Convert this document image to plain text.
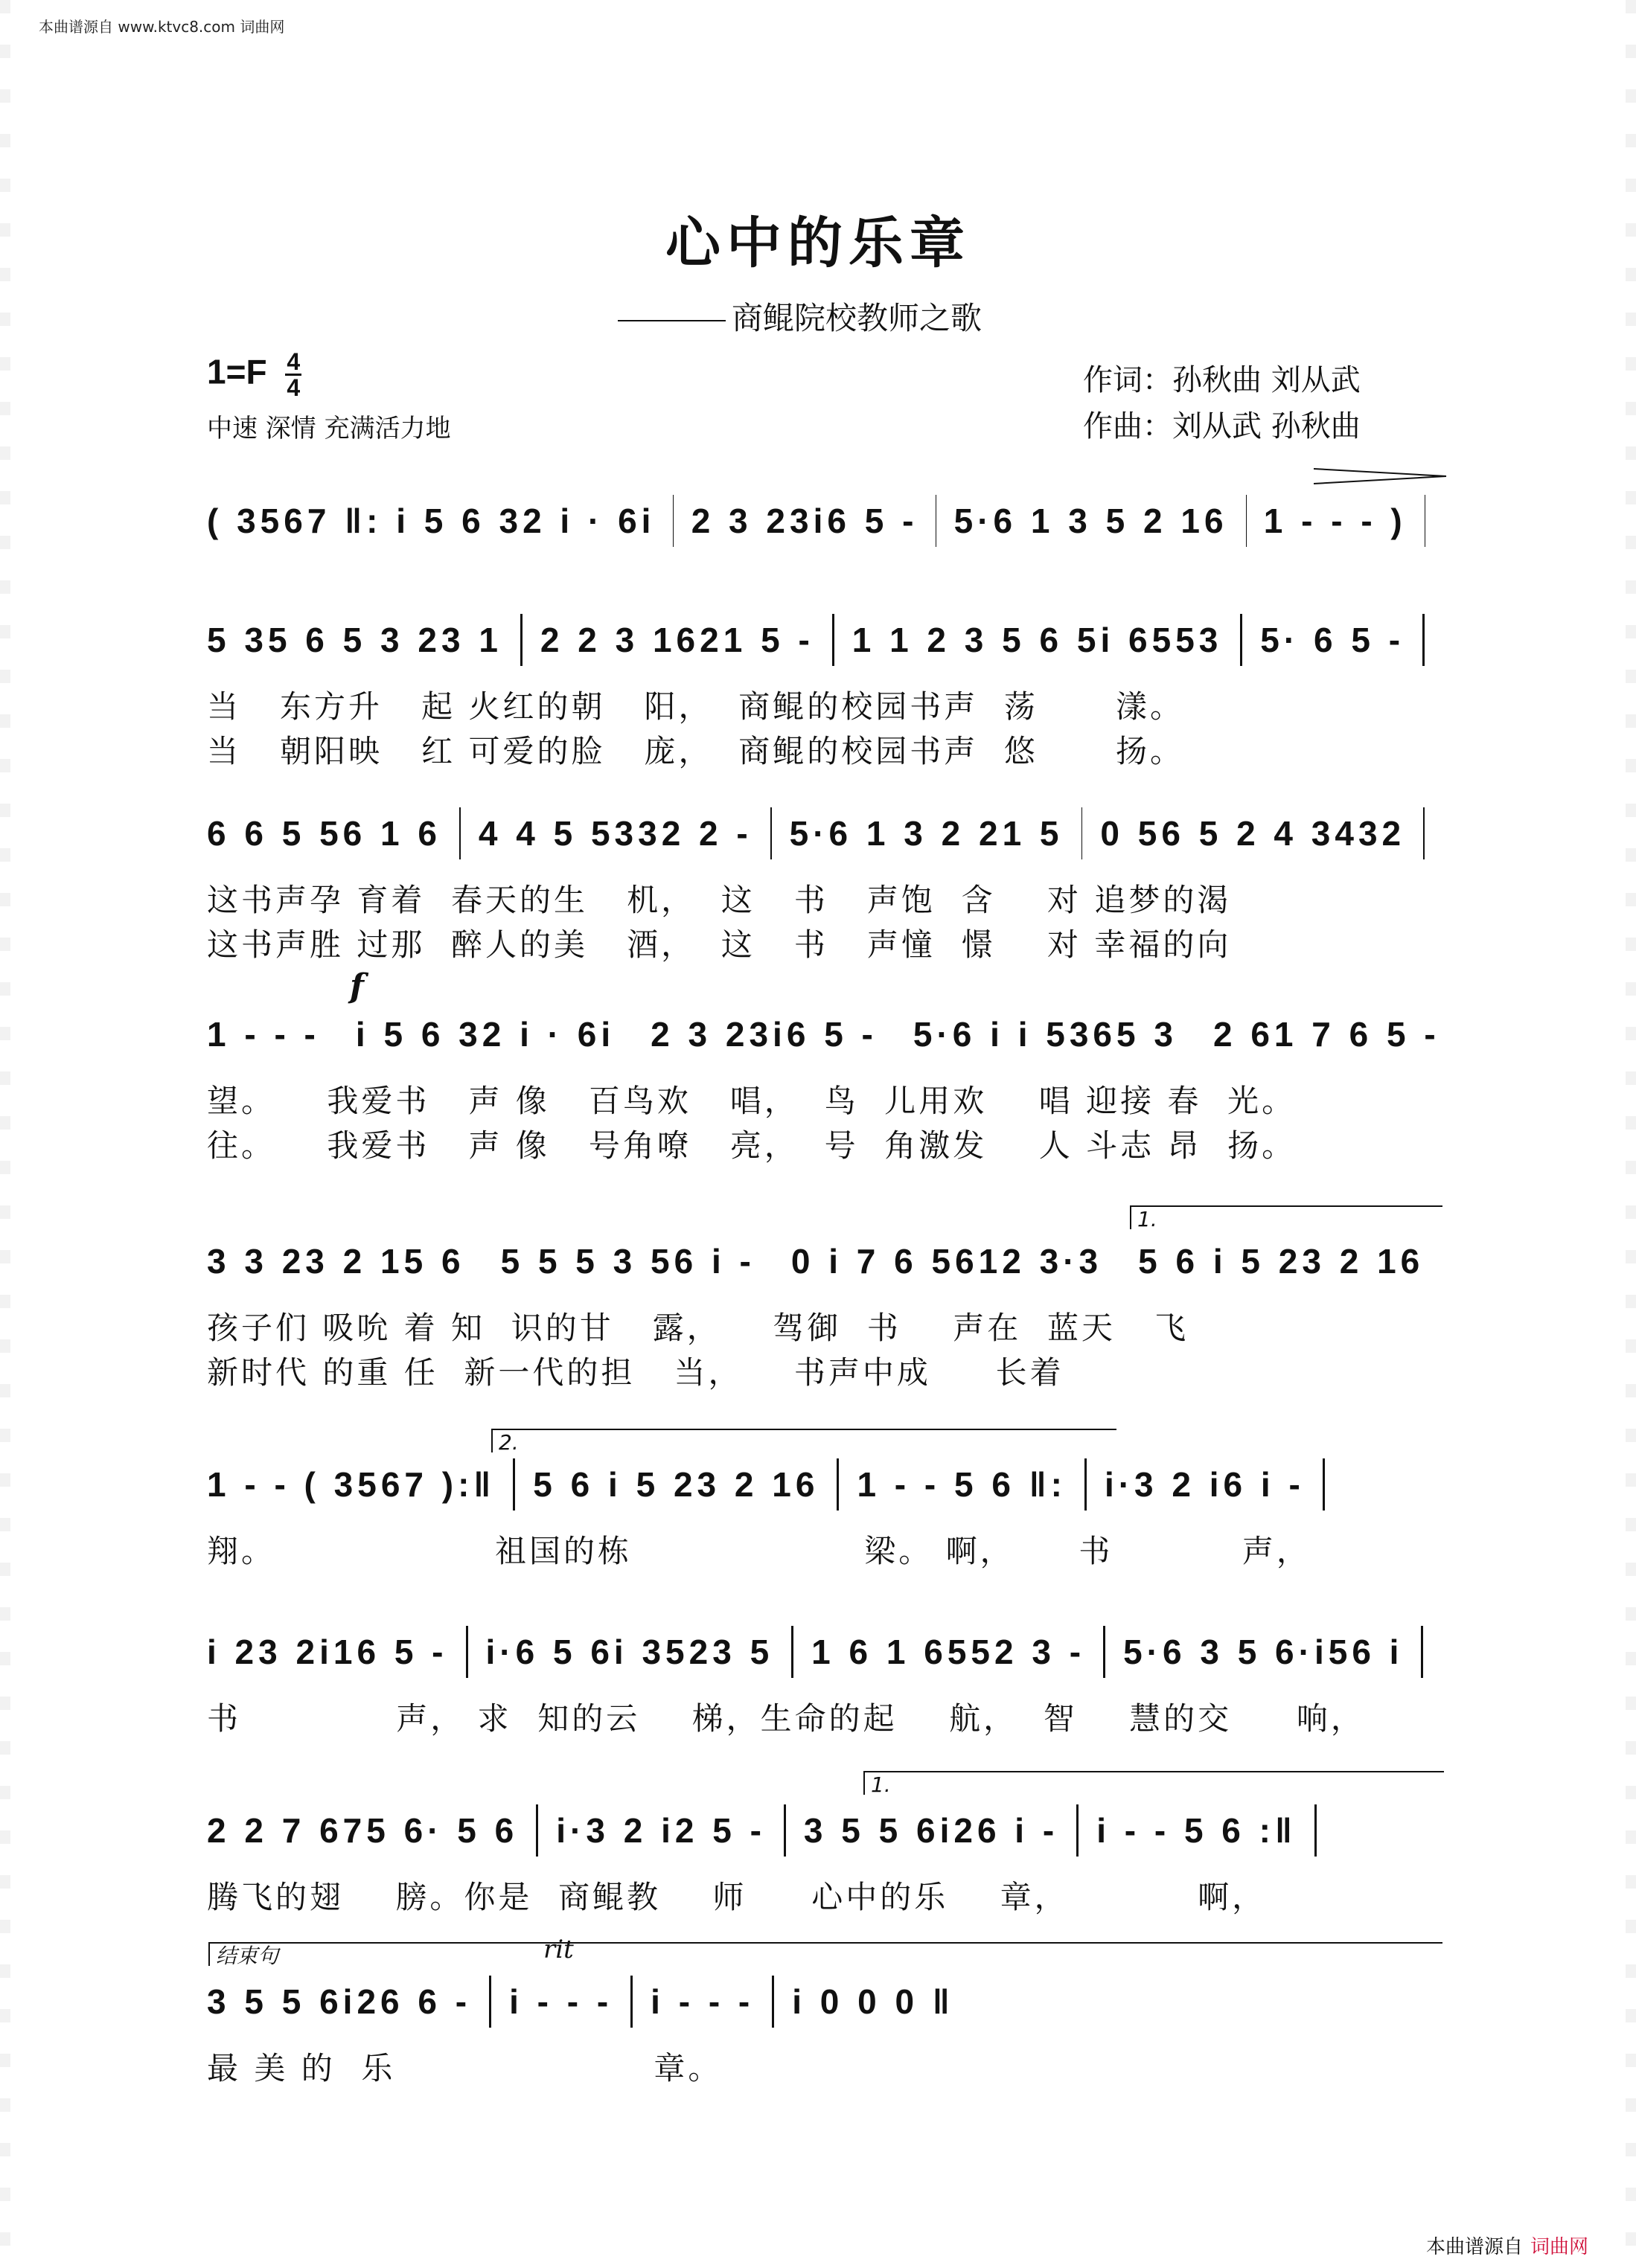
本曲谱源自 www.ktvc8.com 词曲网
心中的乐章
商鲲院校教师之歌
$1=F \frac{4}{4}$
中速 深情 充满活力地
作词：孙秋曲 刘从武
作曲：刘从武 孙秋曲
( 3567 ‖: i 5 6 32 i · 6i 2 3 23i6 5 - 5·6 1 3 5 2 16 1 - - - )
5 35 6 5 3 23 1 2 2 3 1621 5 - 1 1 2 3 5 6 5i 6553 5· 6 5 -
当   东方升   起 火红的朝   阳，  商鲲的校园书声  荡      漾。
当   朝阳映   红 可爱的脸   庞，  商鲲的校园书声  悠      扬。
6 6 5 56 1 6 4 4 5 5332 2 - 5·6 1 3 2 21 5 0 56 5 2 4 3432
这书声孕 育着  春天的生   机，  这   书   声饱  含    对 追梦的渴
这书声胜 过那  醉人的美   酒，  这   书   声憧  憬    对 幸福的向
f
1 - - - i 5 6 32 i · 6i 2 3 23i6 5 - 5·6 i i 5365 3 2 61 7 6 5 -
望。    我爱书   声 像   百鸟欢   唱，  鸟  儿用欢    唱 迎接 春  光。
往。    我爱书   声 像   号角嘹   亮，  号  角激发    人 斗志 昂  扬。
1.
3 3 23 2 15 6 5 5 5 3 56 i - 0 i 7 6 5612 3·3 5 6 i 5 23 2 16
孩子们 吸吮 着 知  识的甘   露，    驾御  书    声在  蓝天   飞
新时代 的重 任  新一代的担   当，    书声中成     长着
2.
1 - - ( 3567 ):‖ 5 6 i 5 23 2 16 1 - - 5 6 ‖: i·3 2 i6 i -
翔。                 祖国的栋                  梁。 啊，     书          声，
i 23 2i16 5 - i·6 5 6i 3523 5 1 6 1 6552 3 - 5·6 3 5 6·i56 i
书            声， 求  知的云    梯，生命的起    航，  智    慧的交     响，
1.
2 2 7 675 6· 5 6 i·3 2 i2 5 - 3 5 5 6i26 i - i - - 5 6 :‖
腾飞的翅    膀。你是  商鲲教    师     心中的乐    章，          啊，
结束句	rit
3 5 5 6i26 6 - i - - - i - - - i 0 0 0 ‖
最 美 的  乐                    章。
本曲谱源自 词曲网
